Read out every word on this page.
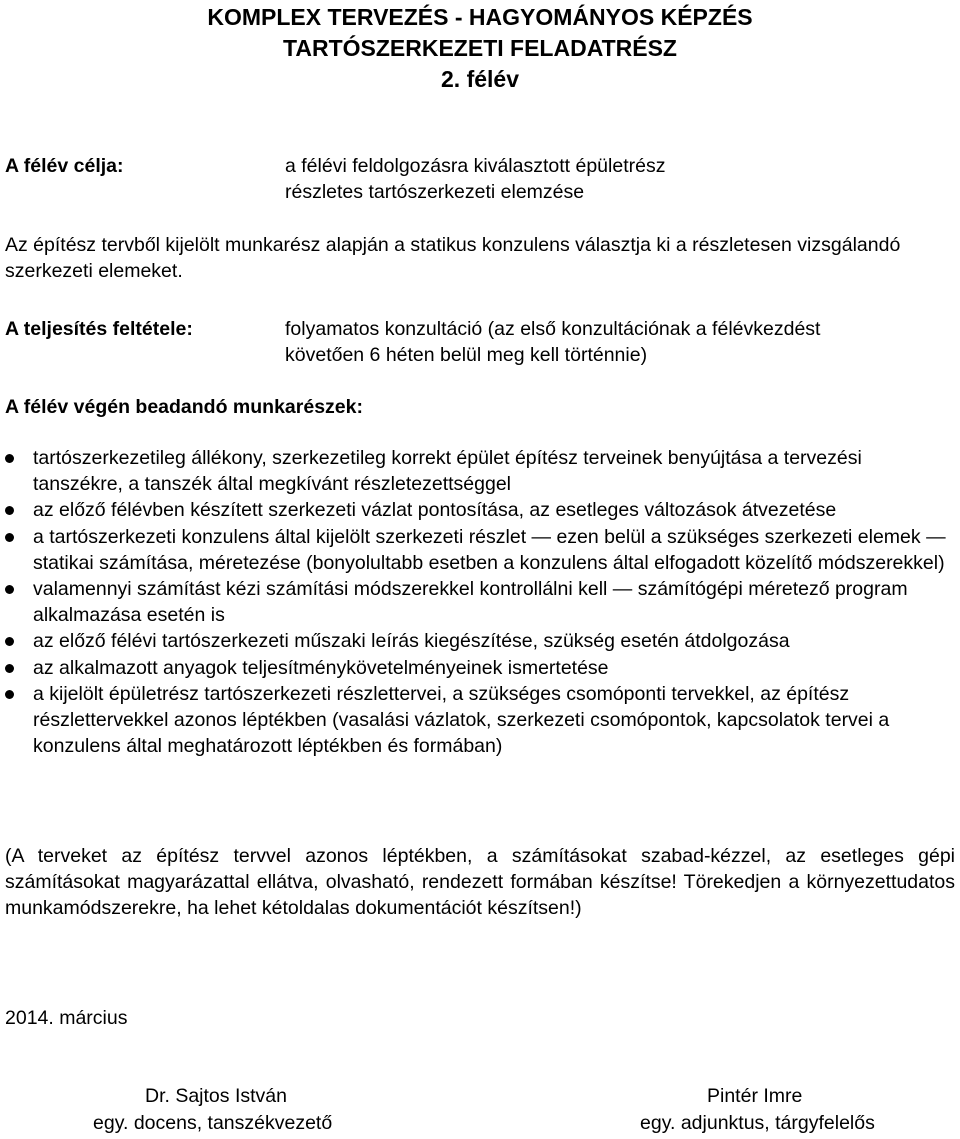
KOMPLEX TERVEZÉS - HAGYOMÁNYOS KÉPZÉS
TARTÓSZERKEZETI FELADATRÉSZ
2. félév
A félév célja:	a félévi feldolgozásra kiválasztott épületrész
részletes tartószerkezeti elemzése
Az építész tervből kijelölt munkarész alapján a statikus konzulens választja ki a részletesen vizsgálandó szerkezeti elemeket.
A teljesítés feltétele:	folyamatos konzultáció (az első konzultációnak a félévkezdést
követően 6 héten belül meg kell történnie)
A félév végén beadandó munkarészek:
tartószerkezetileg állékony, szerkezetileg korrekt épület építész terveinek benyújtása a tervezési tanszékre, a tanszék által megkívánt részletezettséggel
az előző félévben készített szerkezeti vázlat pontosítása, az esetleges változások átvezetése
a tartószerkezeti konzulens által kijelölt szerkezeti részlet — ezen belül a szükséges szerkezeti elemek — statikai számítása, méretezése (bonyolultabb esetben a konzulens által elfogadott közelítő módszerekkel)
valamennyi számítást kézi számítási módszerekkel kontrollálni kell — számítógépi méretező program alkalmazása esetén is
az előző félévi tartószerkezeti műszaki leírás kiegészítése, szükség esetén átdolgozása
az alkalmazott anyagok teljesítménykövetelményeinek ismertetése
a kijelölt épületrész tartószerkezeti részlettervei, a szükséges csomóponti tervekkel, az építész részlettervekkel azonos léptékben (vasalási vázlatok, szerkezeti csomópontok, kapcsolatok tervei a konzulens által meghatározott léptékben és formában)
(A terveket az építész tervvel azonos léptékben, a számításokat szabad-kézzel, az esetleges gépi számításokat magyarázattal ellátva, olvasható, rendezett formában készítse! Törekedjen a környezettudatos munkamódszerekre, ha lehet kétoldalas dokumentációt készítsen!)
2014. március
Dr. Sajtos István
egy. docens, tanszékvezető
Pintér Imre
egy. adjunktus, tárgyfelelős
